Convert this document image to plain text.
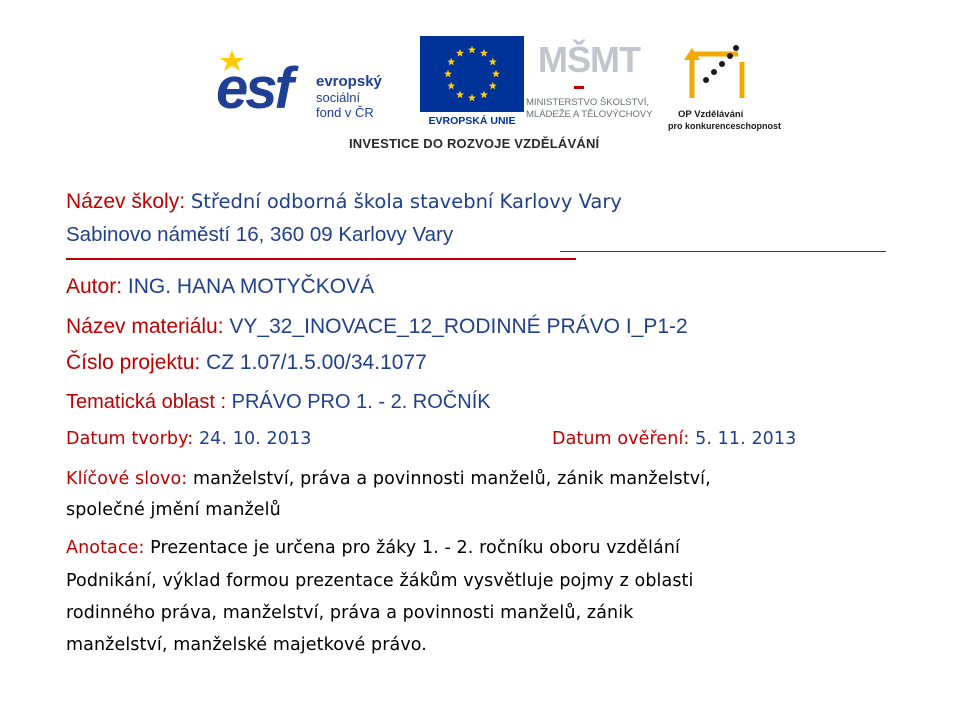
esf evropský
sociální
fond v ČR
EVROPSKÁ UNIE
MŠMT
MINISTERSTVO ŠKOLSTVÍ,
MLÁDEŽE A TĚLOVÝCHOVY	OP Vzdělávání
pro konkurenceschopnost
INVESTICE DO ROZVOJE VZDĚLÁVÁNÍ
Název školy: Střední odborná škola stavební Karlovy Vary
Sabinovo náměstí 16, 360 09 Karlovy Vary
Autor: ING. HANA MOTYČKOVÁ
Název materiálu: VY_32_INOVACE_12_RODINNÉ PRÁVO I_P1-2
Číslo projektu: CZ 1.07/1.5.00/34.1077
Tematická oblast : PRÁVO PRO 1. - 2. ROČNÍK
Datum tvorby: 24. 10. 2013	Datum ověření: 5. 11. 2013
Klíčové slovo: manželství, práva a povinnosti manželů, zánik manželství,
společné jmění manželů
Anotace: Prezentace je určena pro žáky 1. - 2. ročníku oboru vzdělání
Podnikání, výklad formou prezentace žákům vysvětluje pojmy z oblasti
rodinného práva, manželství, práva a povinnosti manželů, zánik
manželství, manželské majetkové právo.
